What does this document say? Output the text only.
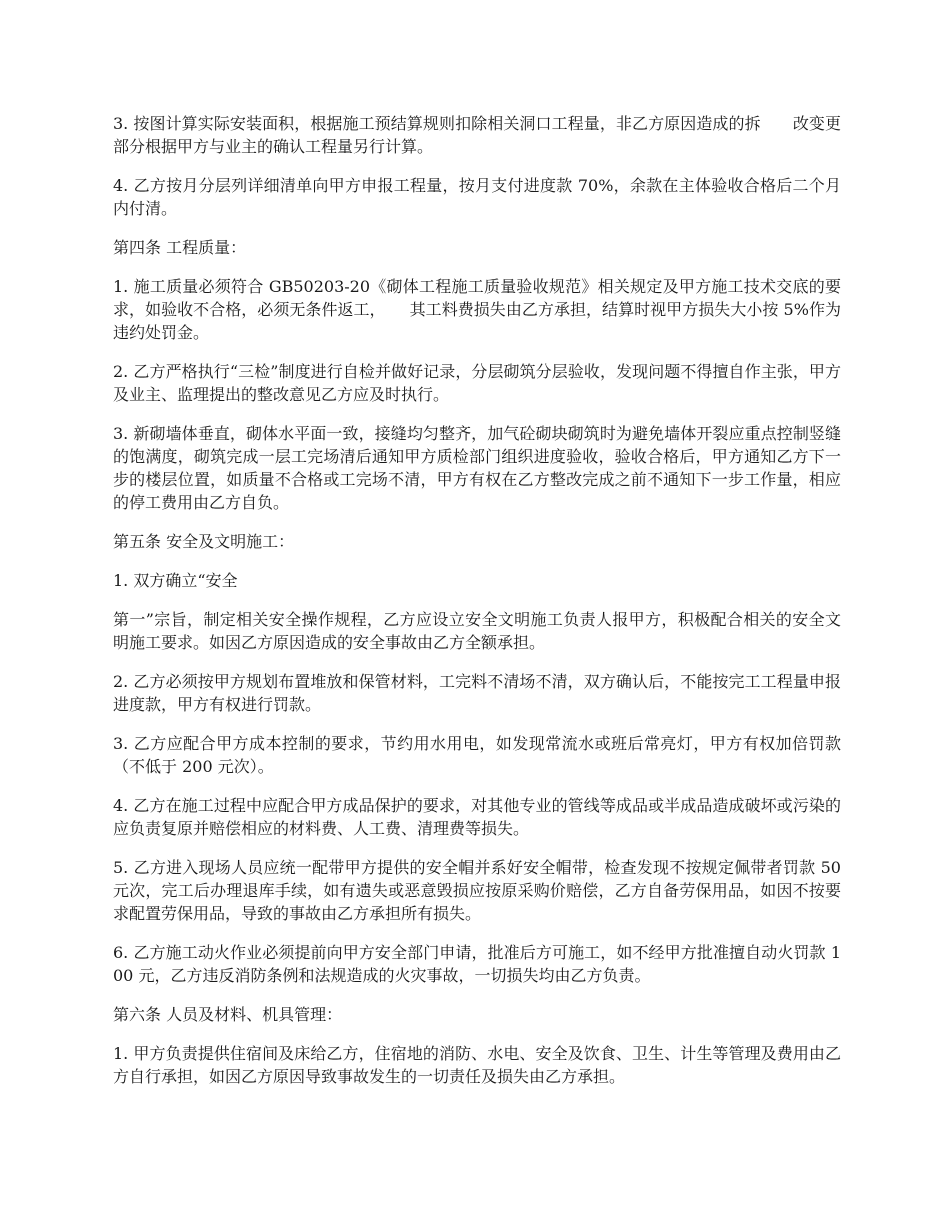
3. 按图计算实际安装面积，根据施工预结算规则扣除相关洞口工程量，非乙方原因造成的拆　　改变更部分根据甲方与业主的确认工程量另行计算。

4. 乙方按月分层列详细清单向甲方申报工程量，按月支付进度款 70%，余款在主体验收合格后二个月内付清。

第四条 工程质量：

1. 施工质量必须符合 GB50203-20《砌体工程施工质量验收规范》相关规定及甲方施工技术交底的要求，如验收不合格，必须无条件返工，　　其工料费损失由乙方承担，结算时视甲方损失大小按 5%作为违约处罚金。

2. 乙方严格执行“三检”制度进行自检并做好记录，分层砌筑分层验收，发现问题不得擅自作主张，甲方及业主、监理提出的整改意见乙方应及时执行。

3. 新砌墙体垂直，砌体水平面一致，接缝均匀整齐，加气砼砌块砌筑时为避免墙体开裂应重点控制竖缝的饱满度，砌筑完成一层工完场清后通知甲方质检部门组织进度验收，验收合格后，甲方通知乙方下一步的楼层位置，如质量不合格或工完场不清，甲方有权在乙方整改完成之前不通知下一步工作量，相应的停工费用由乙方自负。

第五条 安全及文明施工：

1. 双方确立“安全

第一”宗旨，制定相关安全操作规程，乙方应设立安全文明施工负责人报甲方，积极配合相关的安全文明施工要求。如因乙方原因造成的安全事故由乙方全额承担。

2. 乙方必须按甲方规划布置堆放和保管材料，工完料不清场不清，双方确认后，不能按完工工程量申报进度款，甲方有权进行罚款。

3. 乙方应配合甲方成本控制的要求，节约用水用电，如发现常流水或班后常亮灯，甲方有权加倍罚款（不低于 200 元次）。

4. 乙方在施工过程中应配合甲方成品保护的要求，对其他专业的管线等成品或半成品造成破坏或污染的应负责复原并赔偿相应的材料费、人工费、清理费等损失。

5. 乙方进入现场人员应统一配带甲方提供的安全帽并系好安全帽带，检查发现不按规定佩带者罚款 50 元次，完工后办理退库手续，如有遗失或恶意毁损应按原采购价赔偿，乙方自备劳保用品，如因不按要求配置劳保用品，导致的事故由乙方承担所有损失。

6. 乙方施工动火作业必须提前向甲方安全部门申请，批准后方可施工，如不经甲方批准擅自动火罚款 100 元，乙方违反消防条例和法规造成的火灾事故，一切损失均由乙方负责。

第六条 人员及材料、机具管理：

1. 甲方负责提供住宿间及床给乙方，住宿地的消防、水电、安全及饮食、卫生、计生等管理及费用由乙方自行承担，如因乙方原因导致事故发生的一切责任及损失由乙方承担。
